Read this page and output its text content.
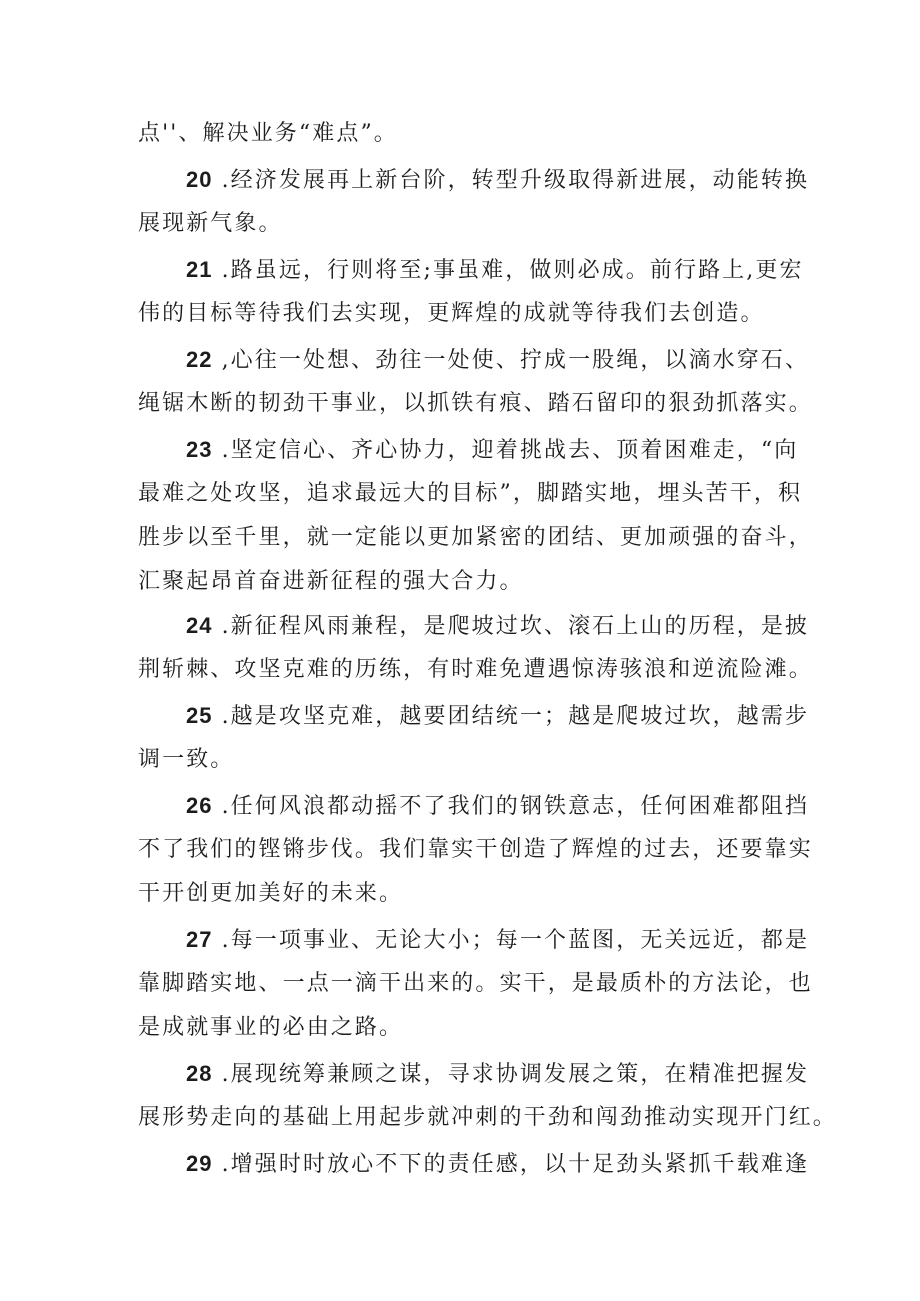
点''、解决业务“难点”。
20 .经济发展再上新台阶，转型升级取得新进展，动能转换
展现新气象。
21 .路虽远，行则将至;事虽难，做则必成。前行路上,更宏
伟的目标等待我们去实现，更辉煌的成就等待我们去创造。
22 ,心往一处想、劲往一处使、拧成一股绳，以滴水穿石、
绳锯木断的韧劲干事业，以抓铁有痕、踏石留印的狠劲抓落实。
23 .坚定信心、齐心协力，迎着挑战去、顶着困难走，“向
最难之处攻坚，追求最远大的目标”，脚踏实地，埋头苦干，积
胜步以至千里，就一定能以更加紧密的团结、更加顽强的奋斗，
汇聚起昂首奋进新征程的强大合力。
24 .新征程风雨兼程，是爬坡过坎、滚石上山的历程，是披
荆斩棘、攻坚克难的历练，有时难免遭遇惊涛骇浪和逆流险滩。
25 .越是攻坚克难，越要团结统一；越是爬坡过坎，越需步
调一致。
26 .任何风浪都动摇不了我们的钢铁意志，任何困难都阻挡
不了我们的铿锵步伐。我们靠实干创造了辉煌的过去，还要靠实
干开创更加美好的未来。
27 .每一项事业、无论大小；每一个蓝图，无关远近，都是
靠脚踏实地、一点一滴干出来的。实干，是最质朴的方法论，也
是成就事业的必由之路。
28 .展现统筹兼顾之谋，寻求协调发展之策，在精准把握发
展形势走向的基础上用起步就冲刺的干劲和闯劲推动实现开门红。
29 .增强时时放心不下的责任感，以十足劲头紧抓千载难逢
